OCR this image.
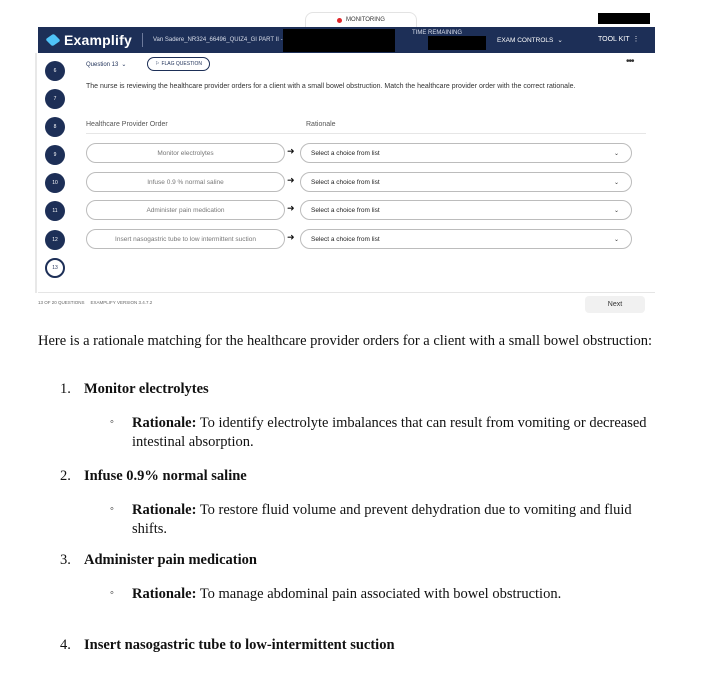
MONITORING
Examplify	Van Sadere_NR324_66496_QUIZ4_GI PART II -
TIME REMAINING
EXAM CONTROLS ⌄	TOOL KIT ⋮
6
7
8
9
10
11
12
13
Question 13 ⌄	⚐ FLAG QUESTION	•••
The nurse is reviewing the healthcare provider orders for a client with a small bowel obstruction. Match the healthcare provider order with the correct rationale.
Healthcare Provider Order	Rationale
Monitor electrolytes	➜	Select a choice from list	⌄
Infuse 0.9 % normal saline	➜	Select a choice from list	⌄
Administer pain medication	➜	Select a choice from list	⌄
Insert nasogastric tube to low intermittent suction	➜	Select a choice from list	⌄
13 OF 20 QUESTIONS EXAMPLIFY VERSION 3.4.7.2	Next
Here is a rationale matching for the healthcare provider orders for a client with a small bowel obstruction:
1. Monitor electrolytes
◦ Rationale: To identify electrolyte imbalances that can result from vomiting or decreased intestinal absorption.
2. Infuse 0.9% normal saline
◦ Rationale: To restore fluid volume and prevent dehydration due to vomiting and fluid shifts.
3. Administer pain medication
◦ Rationale: To manage abdominal pain associated with bowel obstruction.
4. Insert nasogastric tube to low-intermittent suction
